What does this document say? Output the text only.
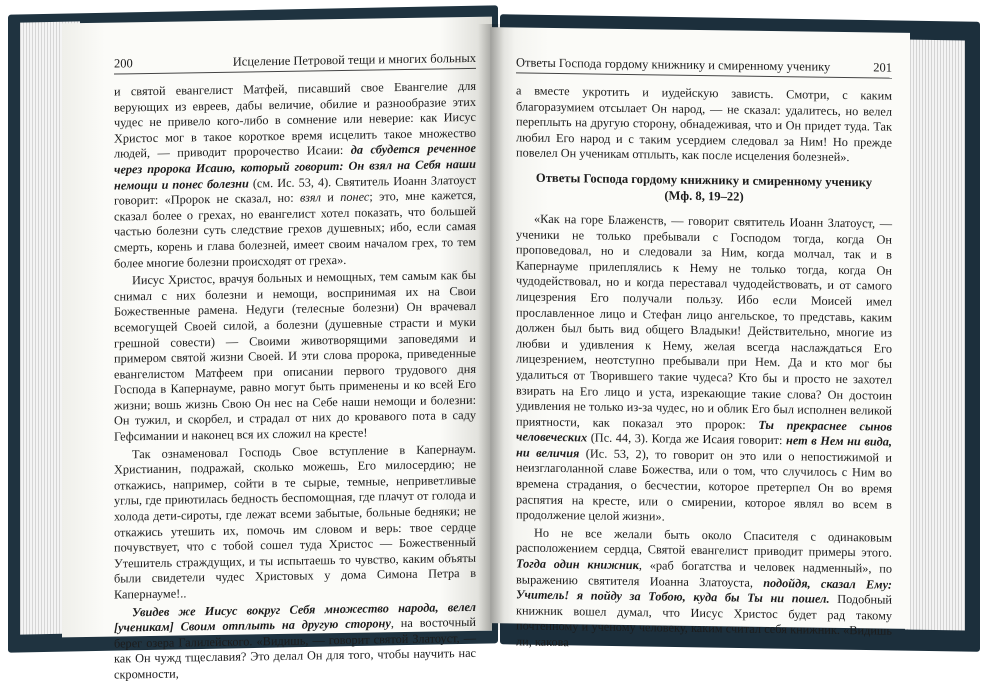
200	Исцеление Петровой тещи и многих больных

и святой евангелист Матфей, писавший свое Евангелие для верующих из евреев, дабы величие, обилие и разнообразие этих чудес не привело кого-либо в сомнение или неверие: как Иисус Христос мог в такое короткое время исцелить такое множество людей, — приводит пророчество Исаии: да сбудется реченное через пророка Исаию, который говорит: Он взял на Себя наши немощи и понес болезни (см. Ис. 53, 4). Святитель Иоанн Златоуст говорит: «Пророк не сказал, но: взял и понес; это, мне кажется, сказал более о грехах, но евангелист хотел показать, что большей частью болезни суть следствие грехов душевных; ибо, если самая смерть, корень и глава болезней, имеет своим началом грех, то тем более многие болезни происходят от греха».

Иисус Христос, врачуя больных и немощных, тем самым как бы снимал с них болезни и немощи, воспринимая их на Свои Божественные рамена. Недуги (телесные болезни) Он врачевал всемогущей Своей силой, а болезни (душевные страсти и муки грешной совести) — Своими животворящими заповедями и примером святой жизни Своей. И эти слова пророка, приведенные евангелистом Матфеем при описании первого трудового дня Господа в Капернауме, равно могут быть применены и ко всей Его жизни; вошь жизнь Свою Он нес на Себе наши немощи и болезни: Он тужил, и скорбел, и страдал от них до кровавого пота в саду Гефсимании и наконец вся их сложил на кресте!

Так ознаменовал Господь Свое вступление в Капернаум. Христианин, подражай, сколько можешь, Его милосердию; не откажись, например, сойти в те сырые, темные, неприветливые углы, где приютилась бедность беспомощная, где плачут от голода и холода дети-сироты, где лежат всеми забытые, больные бедняки; не откажись утешить их, помочь им словом и верь: твое сердце почувствует, что с тобой сошел туда Христос — Божественный Утешитель страждущих, и ты испытаешь то чувство, каким объяты были свидетели чудес Христовых у дома Симона Петра в Капернауме!..

Увидев же Иисус вокруг Себя множество народа, велел [ученикам] Своим отплыть на другую сторону, на восточный берег озера Галилейского. «Видишь, — говорит святой Златоуст, — как Он чужд тщеславия? Это делал Он для того, чтобы научить нас скромности,

Ответы Господа гордому книжнику и смиренному ученику	201

а вместе укротить и иудейскую зависть. Смотри, с каким благоразумием отсылает Он народ, — не сказал: удалитесь, но велел переплыть на другую сторону, обнадеживая, что и Он придет туда. Так любил Его народ и с таким усердием следовал за Ним! Но прежде повелел Он ученикам отплыть, как после исцеления болезней».

Ответы Господа гордому книжнику и смиренному ученику
(Мф. 8, 19–22)

«Как на горе Блаженств, — говорит святитель Иоанн Златоуст, — ученики не только пребывали с Господом тогда, когда Он проповедовал, но и следовали за Ним, когда молчал, так и в Капернауме прилеплялись к Нему не только тогда, когда Он чудодействовал, но и когда переставал чудодействовать, и от самого лицезрения Его получали пользу. Ибо если Моисей имел прославленное лицо и Стефан лицо ангельское, то представь, каким должен был быть вид общего Владыки! Действительно, многие из любви и удивления к Нему, желая всегда наслаждаться Его лицезрением, неотступно пребывали при Нем. Да и кто мог бы удалиться от Творившего такие чудеса? Кто бы и просто не захотел взирать на Его лицо и уста, изрекающие такие слова? Он достоин удивления не только из-за чудес, но и облик Его был исполнен великой приятности, как показал это пророк: Ты прекраснее сынов человеческих (Пс. 44, 3). Когда же Исаия говорит: нет в Нем ни вида, ни величия (Ис. 53, 2), то говорит он это или о непостижимой и неизглаголанной славе Божества, или о том, что случилось с Ним во времена страдания, о бесчестии, которое претерпел Он во время распятия на кресте, или о смирении, которое являл во всем в продолжение целой жизни».

Но не все желали быть около Спасителя с одинаковым расположением сердца, Святой евангелист приводит примеры этого. Тогда один книжник, «раб богатства и человек надменный», по выражению святителя Иоанна Златоуста, подойдя, сказал Ему: Учитель! я пойду за Тобою, куда бы Ты ни пошел. Подобный книжник вошел думал, что Иисус Христос будет рад такому почтенному и ученому человеку, каким считал себя книжник. «Видишь ли, какова
